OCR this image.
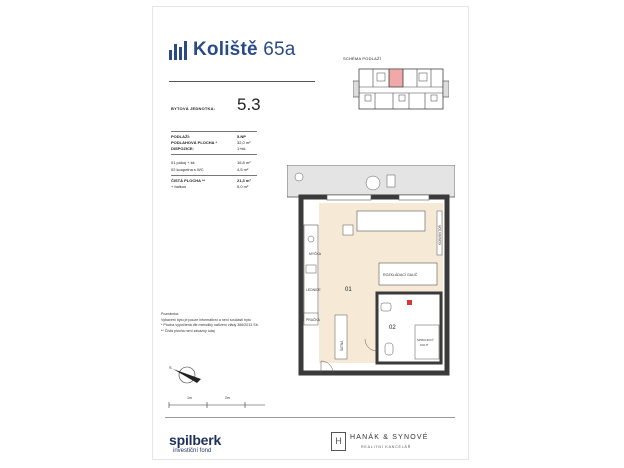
Koliště 65a
BYTOVÁ JEDNOTKA: 5.3
PODLAŽÍ:	5.NP
PODLAHOVÁ PLOCHA *	32,0 m²
DISPOZICE:	1+kk
01 pokoj + kk	16,8 m²
02 koupelna s WC	4,5 m²
ČISTÁ PLOCHA **	21,3 m²
+ balkon	5,0 m²
SCHÉMA PODLAŽÍ
MYČKA
LEDNICE
PRAČKA
KONVEKTOR
ROZKLÁDACÍ GAUČ
01
ŠATNA
02
SPRCHOVÝ
KOUT
Poznámka:
Vybavení bytu je pouze informativní a není součástí bytu
* Plocha vypočtená dle metodiky nařízení vlády 366/2013 Sb.
** Čistá plocha není závazný údaj
S
1m	2m
spilberk
investiční fond
H	HANÁK & SYNOVÉ
REALITNÍ KANCELÁŘ
